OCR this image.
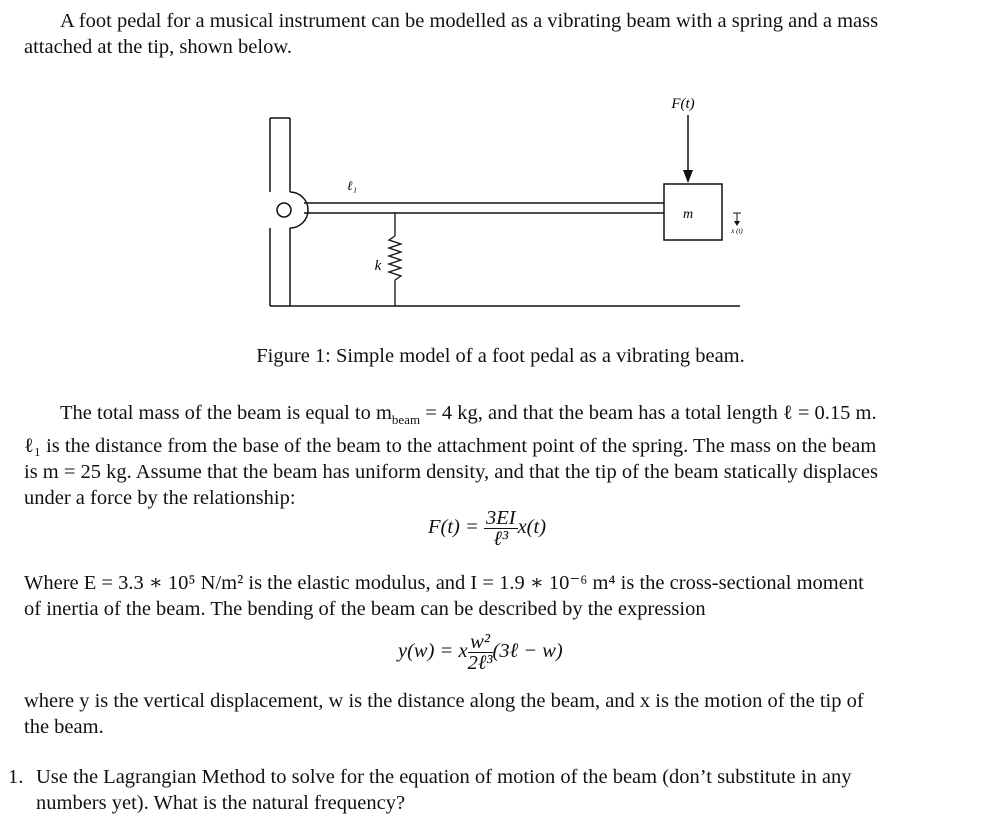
A foot pedal for a musical instrument can be modelled as a vibrating beam with a spring and a mass
attached at the tip, shown below.
F(t)
ℓ₁
k
m
x (t)
Figure 1: Simple model of a foot pedal as a vibrating beam.
The total mass of the beam is equal to $m_{beam} = 4$ kg, and that the beam has a total length ℓ = 0.15 m.
ℓ₁ is the distance from the base of the beam to the attachment point of the spring. The mass on the beam
is m = 25 kg. Assume that the beam has uniform density, and that the tip of the beam statically displaces
under a force by the relationship:
$F(t) = \frac{3EI}{\text{ℓ³}} x(t)$
Where E = 3.3 ∗ 10⁵ N/m² is the elastic modulus, and I = 1.9 ∗ 10⁻⁶ m⁴ is the cross-sectional moment
of inertia of the beam. The bending of the beam can be described by the expression
y(w) = x $\frac{\text{w²}}{\text{2ℓ³}}$ (3ℓ − w)
where y is the vertical displacement, w is the distance along the beam, and x is the motion of the tip of
the beam.
1. Use the Lagrangian Method to solve for the equation of motion of the beam (don’t substitute in any
numbers yet). What is the natural frequency?
